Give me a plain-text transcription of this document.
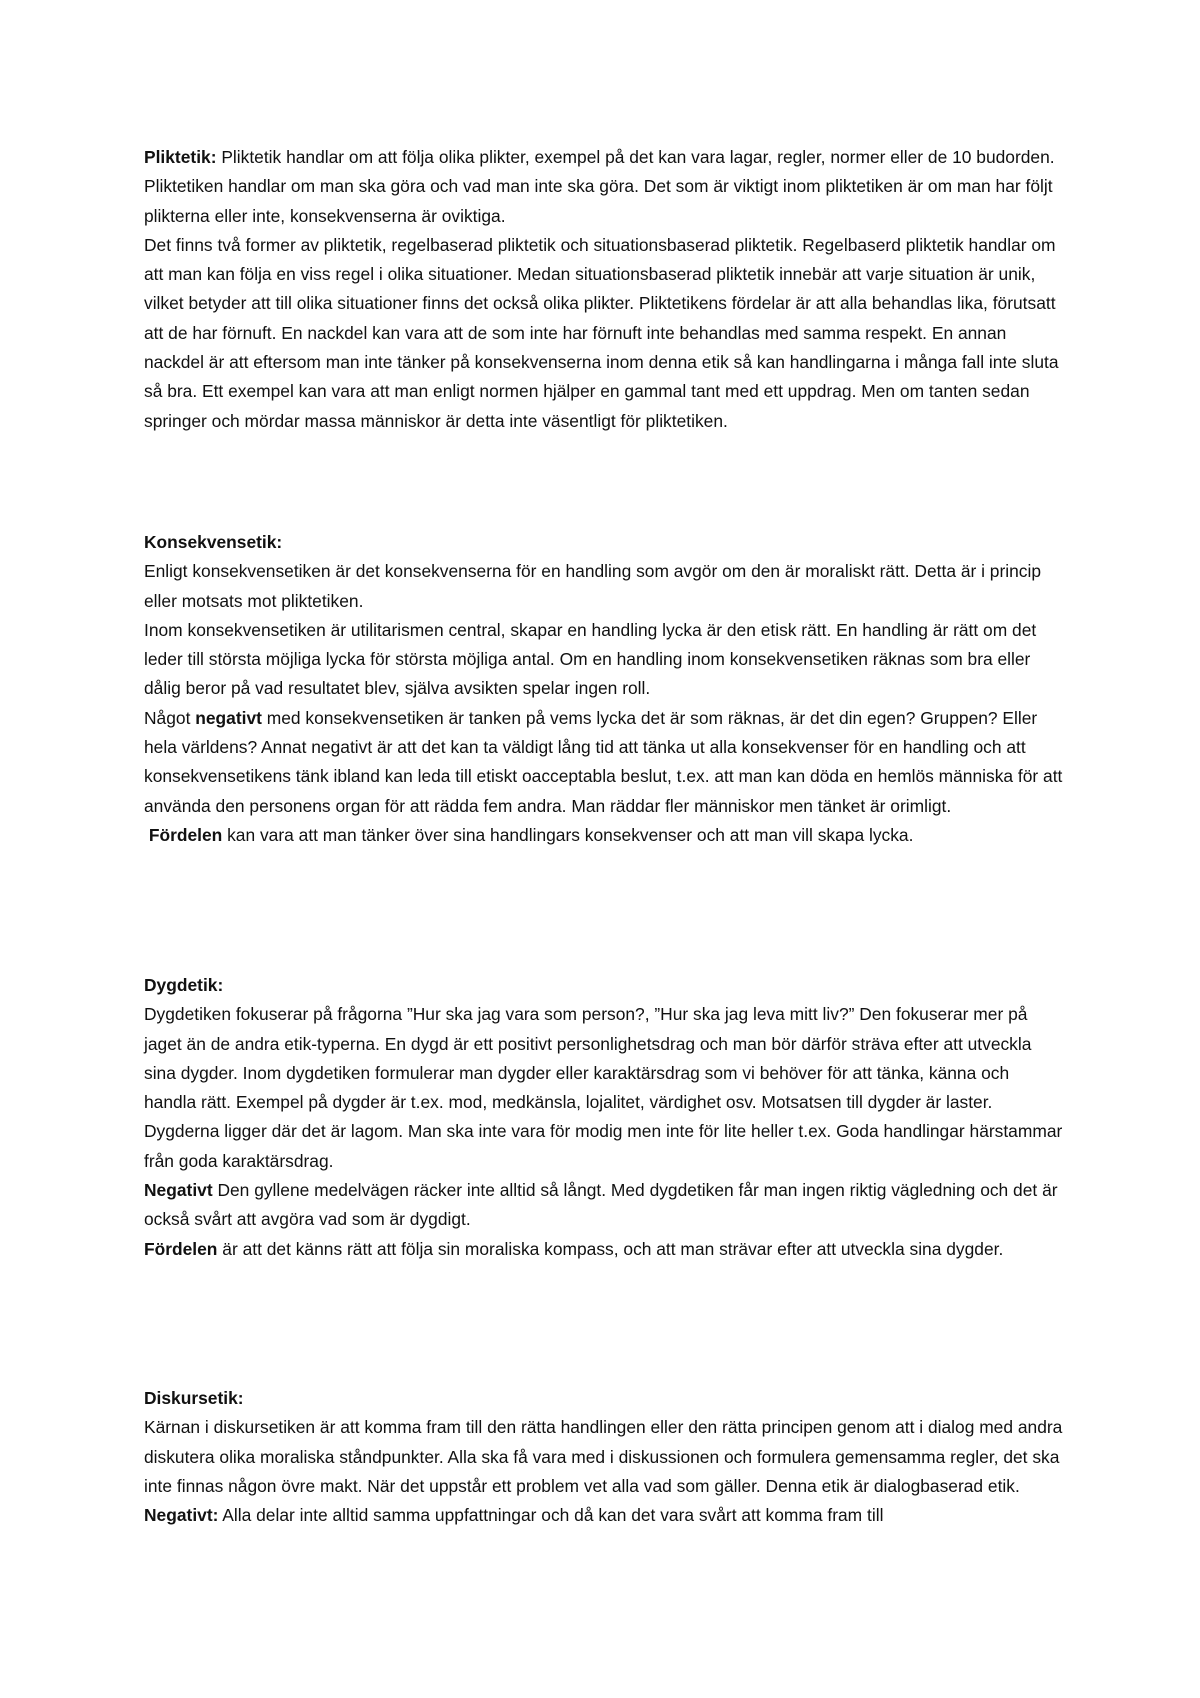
Pliktetik: Pliktetik handlar om att följa olika plikter, exempel på det kan vara lagar, regler, normer eller de 10 budorden. Pliktetiken handlar om man ska göra och vad man inte ska göra. Det som är viktigt inom pliktetiken är om man har följt plikterna eller inte, konsekvenserna är oviktiga.

Det finns två former av pliktetik, regelbaserad pliktetik och situationsbaserad pliktetik. Regelbaserd pliktetik handlar om att man kan följa en viss regel i olika situationer. Medan situationsbaserad pliktetik innebär att varje situation är unik, vilket betyder att till olika situationer finns det också olika plikter. Pliktetikens fördelar är att alla behandlas lika, förutsatt att de har förnuft. En nackdel kan vara att de som inte har förnuft inte behandlas med samma respekt. En annan nackdel är att eftersom man inte tänker på konsekvenserna inom denna etik så kan handlingarna i många fall inte sluta så bra. Ett exempel kan vara att man enligt normen hjälper en gammal tant med ett uppdrag. Men om tanten sedan springer och mördar massa människor är detta inte väsentligt för pliktetiken.

Konsekvensetik:

Enligt konsekvensetiken är det konsekvenserna för en handling som avgör om den är moraliskt rätt. Detta är i princip eller motsats mot pliktetiken.

Inom konsekvensetiken är utilitarismen central, skapar en handling lycka är den etisk rätt. En handling är rätt om det leder till största möjliga lycka för största möjliga antal. Om en handling inom konsekvensetiken räknas som bra eller dålig beror på vad resultatet blev, själva avsikten spelar ingen roll.

Något negativt med konsekvensetiken är tanken på vems lycka det är som räknas, är det din egen? Gruppen? Eller hela världens? Annat negativt är att det kan ta väldigt lång tid att tänka ut alla konsekvenser för en handling och att konsekvensetikens tänk ibland kan leda till etiskt oacceptabla beslut, t.ex. att man kan döda en hemlös människa för att använda den personens organ för att rädda fem andra. Man räddar fler människor men tänket är orimligt.

Fördelen kan vara att man tänker över sina handlingars konsekvenser och att man vill skapa lycka.

Dygdetik:

Dygdetiken fokuserar på frågorna ”Hur ska jag vara som person?, ”Hur ska jag leva mitt liv?” Den fokuserar mer på jaget än de andra etik-typerna. En dygd är ett positivt personlighetsdrag och man bör därför sträva efter att utveckla sina dygder. Inom dygdetiken formulerar man dygder eller karaktärsdrag som vi behöver för att tänka, känna och handla rätt. Exempel på dygder är t.ex. mod, medkänsla, lojalitet, värdighet osv. Motsatsen till dygder är laster. Dygderna ligger där det är lagom. Man ska inte vara för modig men inte för lite heller t.ex. Goda handlingar härstammar från goda karaktärsdrag.

Negativt Den gyllene medelvägen räcker inte alltid så långt. Med dygdetiken får man ingen riktig vägledning och det är också svårt att avgöra vad som är dygdigt.

Fördelen är att det känns rätt att följa sin moraliska kompass, och att man strävar efter att utveckla sina dygder.

Diskursetik:

Kärnan i diskursetiken är att komma fram till den rätta handlingen eller den rätta principen genom att i dialog med andra diskutera olika moraliska ståndpunkter. Alla ska få vara med i diskussionen och formulera gemensamma regler, det ska inte finnas någon övre makt. När det uppstår ett problem vet alla vad som gäller. Denna etik är dialogbaserad etik.

Negativt: Alla delar inte alltid samma uppfattningar och då kan det vara svårt att komma fram till
